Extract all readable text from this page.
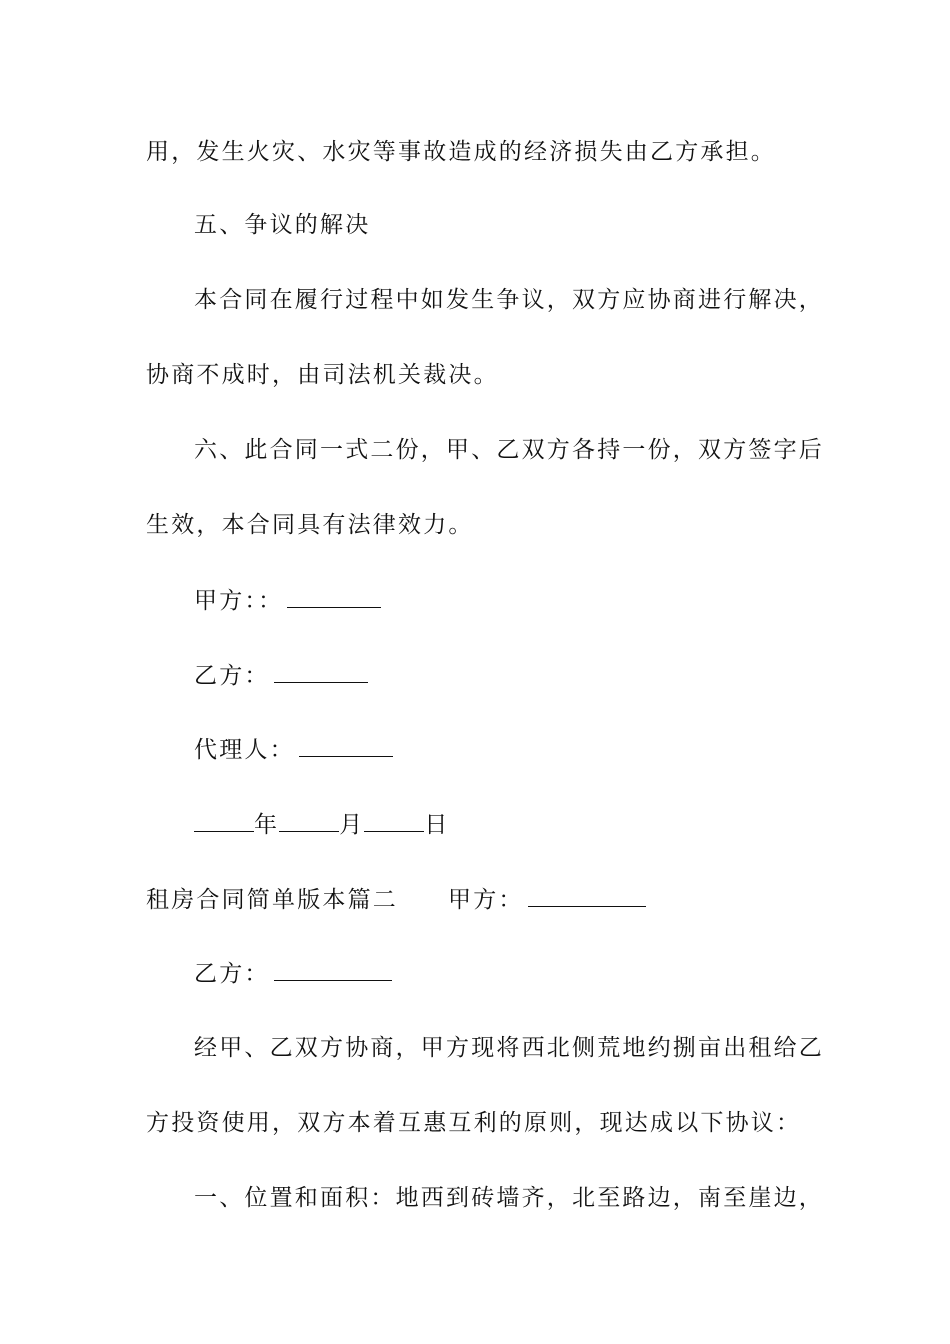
用，发生火灾、水灾等事故造成的经济损失由乙方承担。
五、争议的解决
本合同在履行过程中如发生争议，双方应协商进行解决，
协商不成时，由司法机关裁决。
六、此合同一式二份，甲、乙双方各持一份，双方签字后
生效，本合同具有法律效力。
甲方：：
乙方：
代理人：
年	月	日
租房合同简单版本篇二 甲方：
乙方：
经甲、乙双方协商，甲方现将西北侧荒地约捌亩出租给乙
方投资使用，双方本着互惠互利的原则，现达成以下协议：
一、位置和面积：地西到砖墙齐，北至路边，南至崖边，
